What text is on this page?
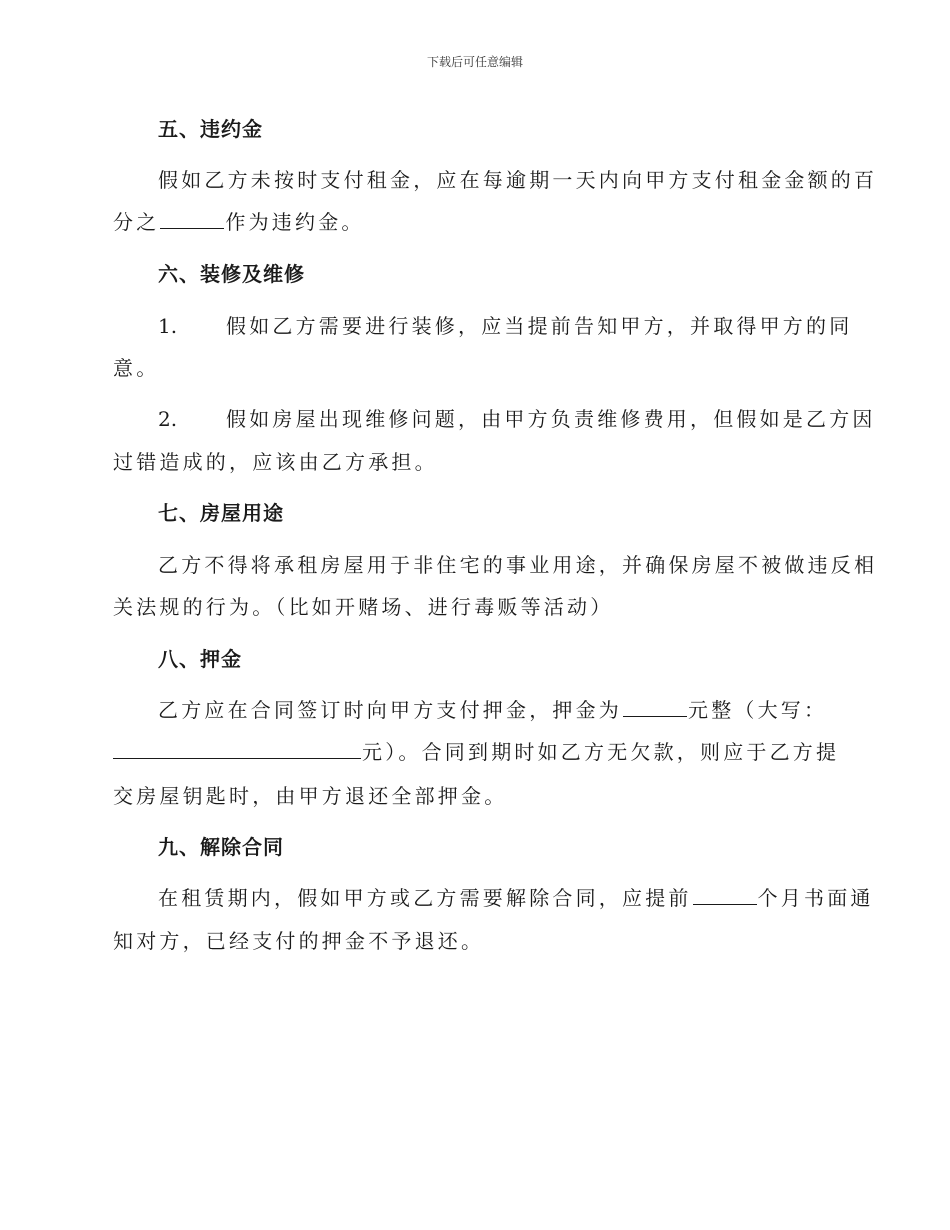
下载后可任意编辑
五、违约金
假如乙方未按时支付租金，应在每逾期一天内向甲方支付租金金额的百
分之	作为违约金。
六、装修及维修
1. 假如乙方需要进行装修，应当提前告知甲方，并取得甲方的同
意。
2. 假如房屋出现维修问题，由甲方负责维修费用，但假如是乙方因
过错造成的，应该由乙方承担。
七、房屋用途
乙方不得将承租房屋用于非住宅的事业用途，并确保房屋不被做违反相
关法规的行为。（比如开赌场、进行毒贩等活动）
八、押金
乙方应在合同签订时向甲方支付押金，押金为	元整（大写：
元）。合同到期时如乙方无欠款，则应于乙方提
交房屋钥匙时，由甲方退还全部押金。
九、解除合同
在租赁期内，假如甲方或乙方需要解除合同，应提前	个月书面通
知对方，已经支付的押金不予退还。
